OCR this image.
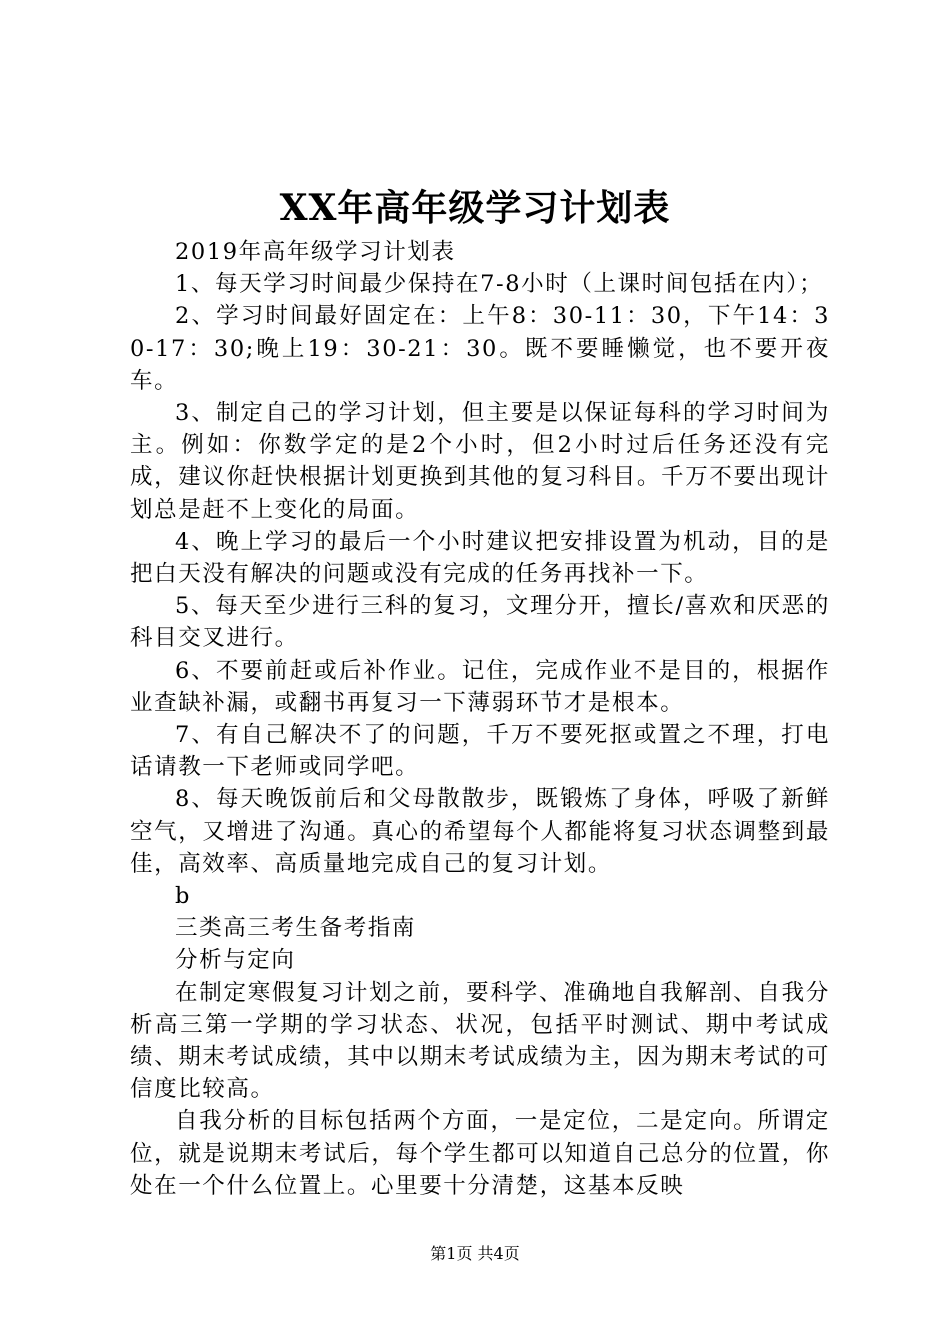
XX年高年级学习计划表

2019年高年级学习计划表

1、每天学习时间最少保持在7-8小时（上课时间包括在内）；

2、学习时间最好固定在：上午8：30-11：30，下午14：30-17：30;晚上19：30-21：30。既不要睡懒觉，也不要开夜车。

3、制定自己的学习计划，但主要是以保证每科的学习时间为主。例如：你数学定的是2个小时，但2小时过后任务还没有完成，建议你赶快根据计划更换到其他的复习科目。千万不要出现计划总是赶不上变化的局面。

4、晚上学习的最后一个小时建议把安排设置为机动，目的是把白天没有解决的问题或没有完成的任务再找补一下。

5、每天至少进行三科的复习，文理分开，擅长/喜欢和厌恶的科目交叉进行。

6、不要前赶或后补作业。记住，完成作业不是目的，根据作业查缺补漏，或翻书再复习一下薄弱环节才是根本。

7、有自己解决不了的问题，千万不要死抠或置之不理，打电话请教一下老师或同学吧。

8、每天晚饭前后和父母散散步，既锻炼了身体，呼吸了新鲜空气，又增进了沟通。真心的希望每个人都能将复习状态调整到最佳，高效率、高质量地完成自己的复习计划。

b

三类高三考生备考指南

分析与定向

在制定寒假复习计划之前，要科学、准确地自我解剖、自我分析高三第一学期的学习状态、状况，包括平时测试、期中考试成绩、期末考试成绩，其中以期末考试成绩为主，因为期末考试的可信度比较高。

自我分析的目标包括两个方面，一是定位，二是定向。所谓定位，就是说期末考试后，每个学生都可以知道自己总分的位置，你处在一个什么位置上。心里要十分清楚，这基本反映

第1页 共4页
